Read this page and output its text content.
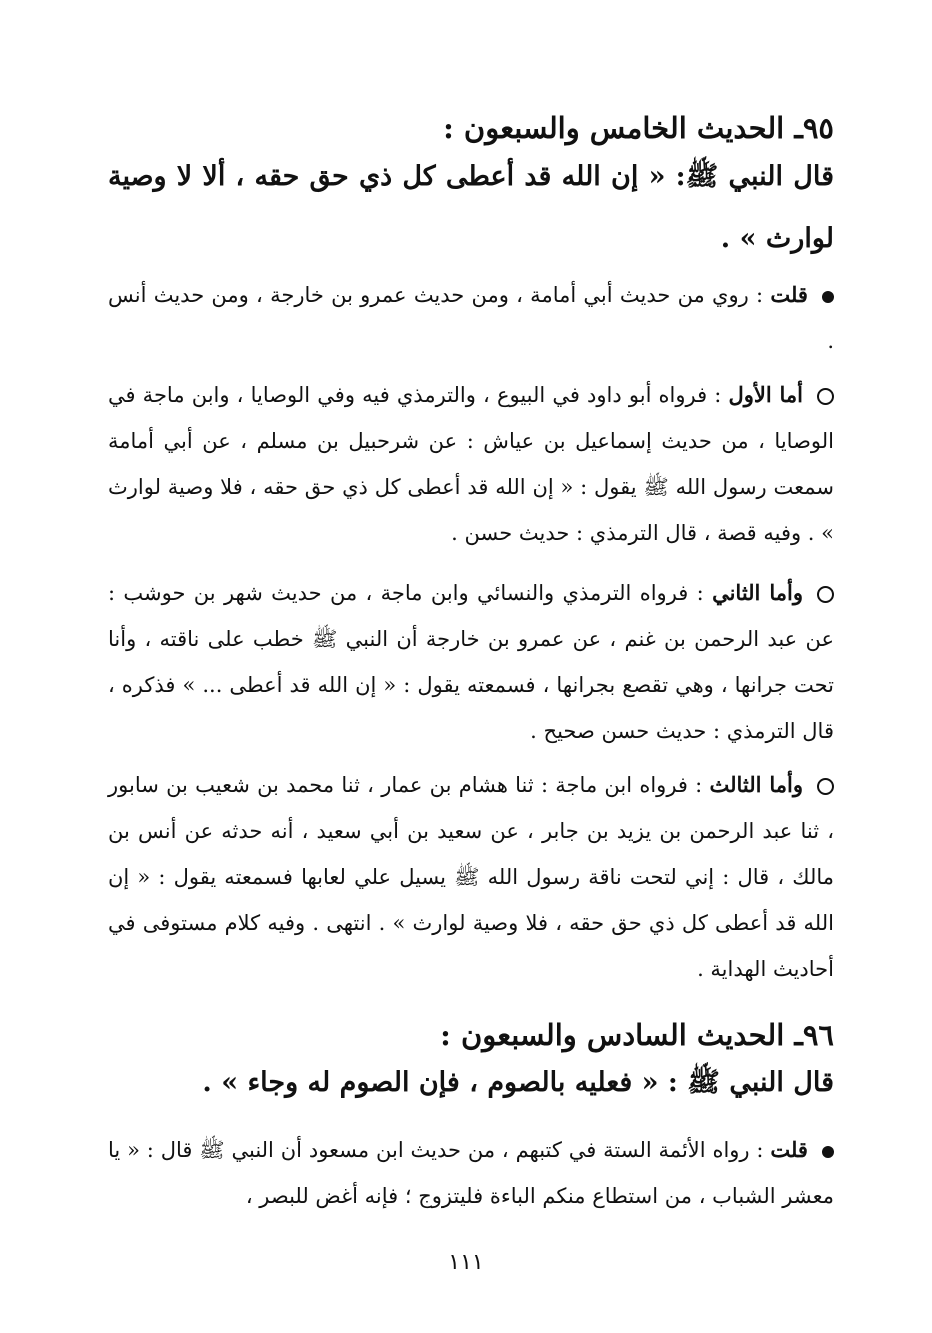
٩٥ـ الحديث الخامس والسبعون :
قال النبي ﷺ: « إن الله قد أعطى كل ذي حق حقه ، ألا لا وصية لوارث » .
قلت : روي من حديث أبي أمامة ، ومن حديث عمرو بن خارجة ، ومن حديث أنس .
أما الأول : فرواه أبو داود في البيوع ، والترمذي فيه وفي الوصايا ، وابن ماجة في الوصايا ، من حديث إسماعيل بن عياش : عن شرحبيل بن مسلم ، عن أبي أمامة سمعت رسول الله ﷺ يقول : « إن الله قد أعطى كل ذي حق حقه ، فلا وصية لوارث » . وفيه قصة ، قال الترمذي : حديث حسن .
وأما الثاني : فرواه الترمذي والنسائي وابن ماجة ، من حديث شهر بن حوشب : عن عبد الرحمن بن غنم ، عن عمرو بن خارجة أن النبي ﷺ خطب على ناقته ، وأنا تحت جرانها ، وهي تقصع بجرانها ، فسمعته يقول : « إن الله قد أعطى ... » فذكره ، قال الترمذي : حديث حسن صحيح .
وأما الثالث : فرواه ابن ماجة : ثنا هشام بن عمار ، ثنا محمد بن شعيب بن سابور ، ثنا عبد الرحمن بن يزيد بن جابر ، عن سعيد بن أبي سعيد ، أنه حدثه عن أنس بن مالك ، قال : إني لتحت ناقة رسول الله ﷺ يسيل علي لعابها فسمعته يقول : « إن الله قد أعطى كل ذي حق حقه ، فلا وصية لوارث » . انتهى . وفيه كلام مستوفى في أحاديث الهداية .
٩٦ـ الحديث السادس والسبعون :
قال النبي ﷺ : « فعليه بالصوم ، فإن الصوم له وجاء » .
قلت : رواه الأئمة الستة في كتبهم ، من حديث ابن مسعود أن النبي ﷺ قال : « يا معشر الشباب ، من استطاع منكم الباءة فليتزوج ؛ فإنه أغض للبصر ،
١١١
